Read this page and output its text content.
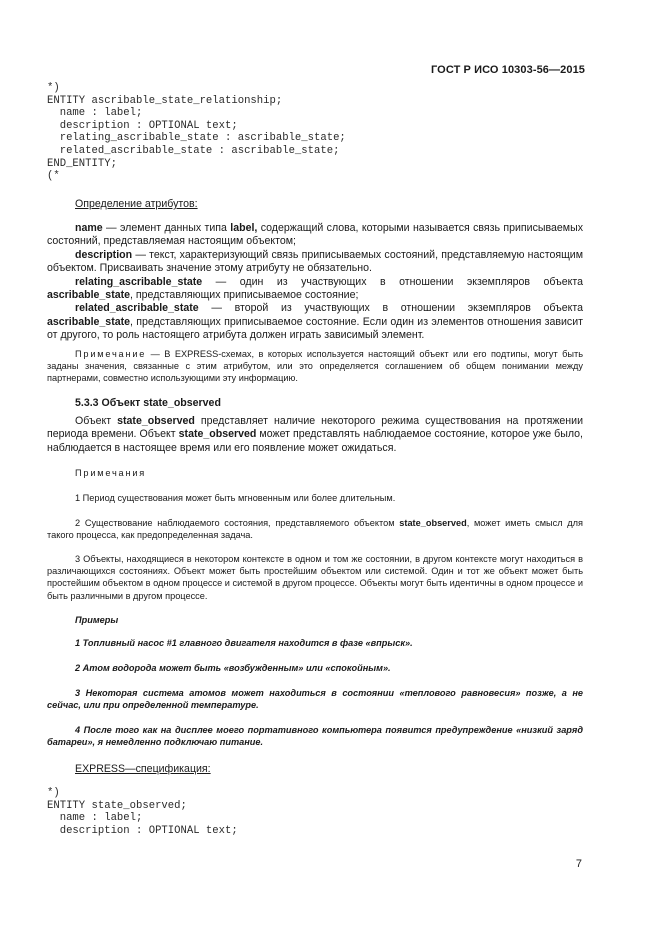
ГОСТ Р ИСО 10303-56—2015
*)
ENTITY ascribable_state_relationship;
name : label;
description : OPTIONAL text;
relating_ascribable_state : ascribable_state;
related_ascribable_state : ascribable_state;
END_ENTITY;
(*
Определение атрибутов:

name — элемент данных типа label, содержащий слова, которыми называется связь приписываемых состояний, представляемая настоящим объектом;

description — текст, характеризующий связь приписываемых состояний, представляемую настоящим объектом. Присваивать значение этому атрибуту не обязательно.

relating_ascribable_state — один из участвующих в отношении экземпляров объекта ascribable_state, представляющих приписываемое состояние;

related_ascribable_state — второй из участвующих в отношении экземпляров объекта ascribable_state, представляющих приписываемое состояние. Если один из элементов отношения зависит от другого, то роль настоящего атрибута должен играть зависимый элемент.

Примечание — В EXPRESS-схемах, в которых используется настоящий объект или его подтипы, могут быть заданы значения, связанные с этим атрибутом, или это определяется соглашением об общем понимании между партнерами, совместно использующими эту информацию.

5.3.3 Объект state_observed

Объект state_observed представляет наличие некоторого режима существования на протяжении периода времени. Объект state_observed может представлять наблюдаемое состояние, которое уже было, наблюдается в настоящее время или его появление может ожидаться.

Примечания

1 Период существования может быть мгновенным или более длительным.

2 Существование наблюдаемого состояния, представляемого объектом state_observed, может иметь смысл для такого процесса, как предопределенная задача.

3 Объекты, находящиеся в некотором контексте в одном и том же состоянии, в другом контексте могут находиться в различающихся состояниях. Объект может быть простейшим объектом или системой. Один и тот же объект может быть простейшим объектом в одном процессе и системой в другом процессе. Объекты могут быть идентичны в одном процессе и быть различными в другом процессе.

Примеры

1 Топливный насос #1 главного двигателя находится в фазе «впрыск».

2 Атом водорода может быть «возбужденным» или «спокойным».

3 Некоторая система атомов может находиться в состоянии «теплового равновесия» позже, а не сейчас, или при определенной температуре.

4 После того как на дисплее моего портативного компьютера появится предупреждение «низкий заряд батареи», я немедленно подключаю питание.

EXPRESS—спецификация:
*)
ENTITY state_observed;
name : label;
description : OPTIONAL text;
7
